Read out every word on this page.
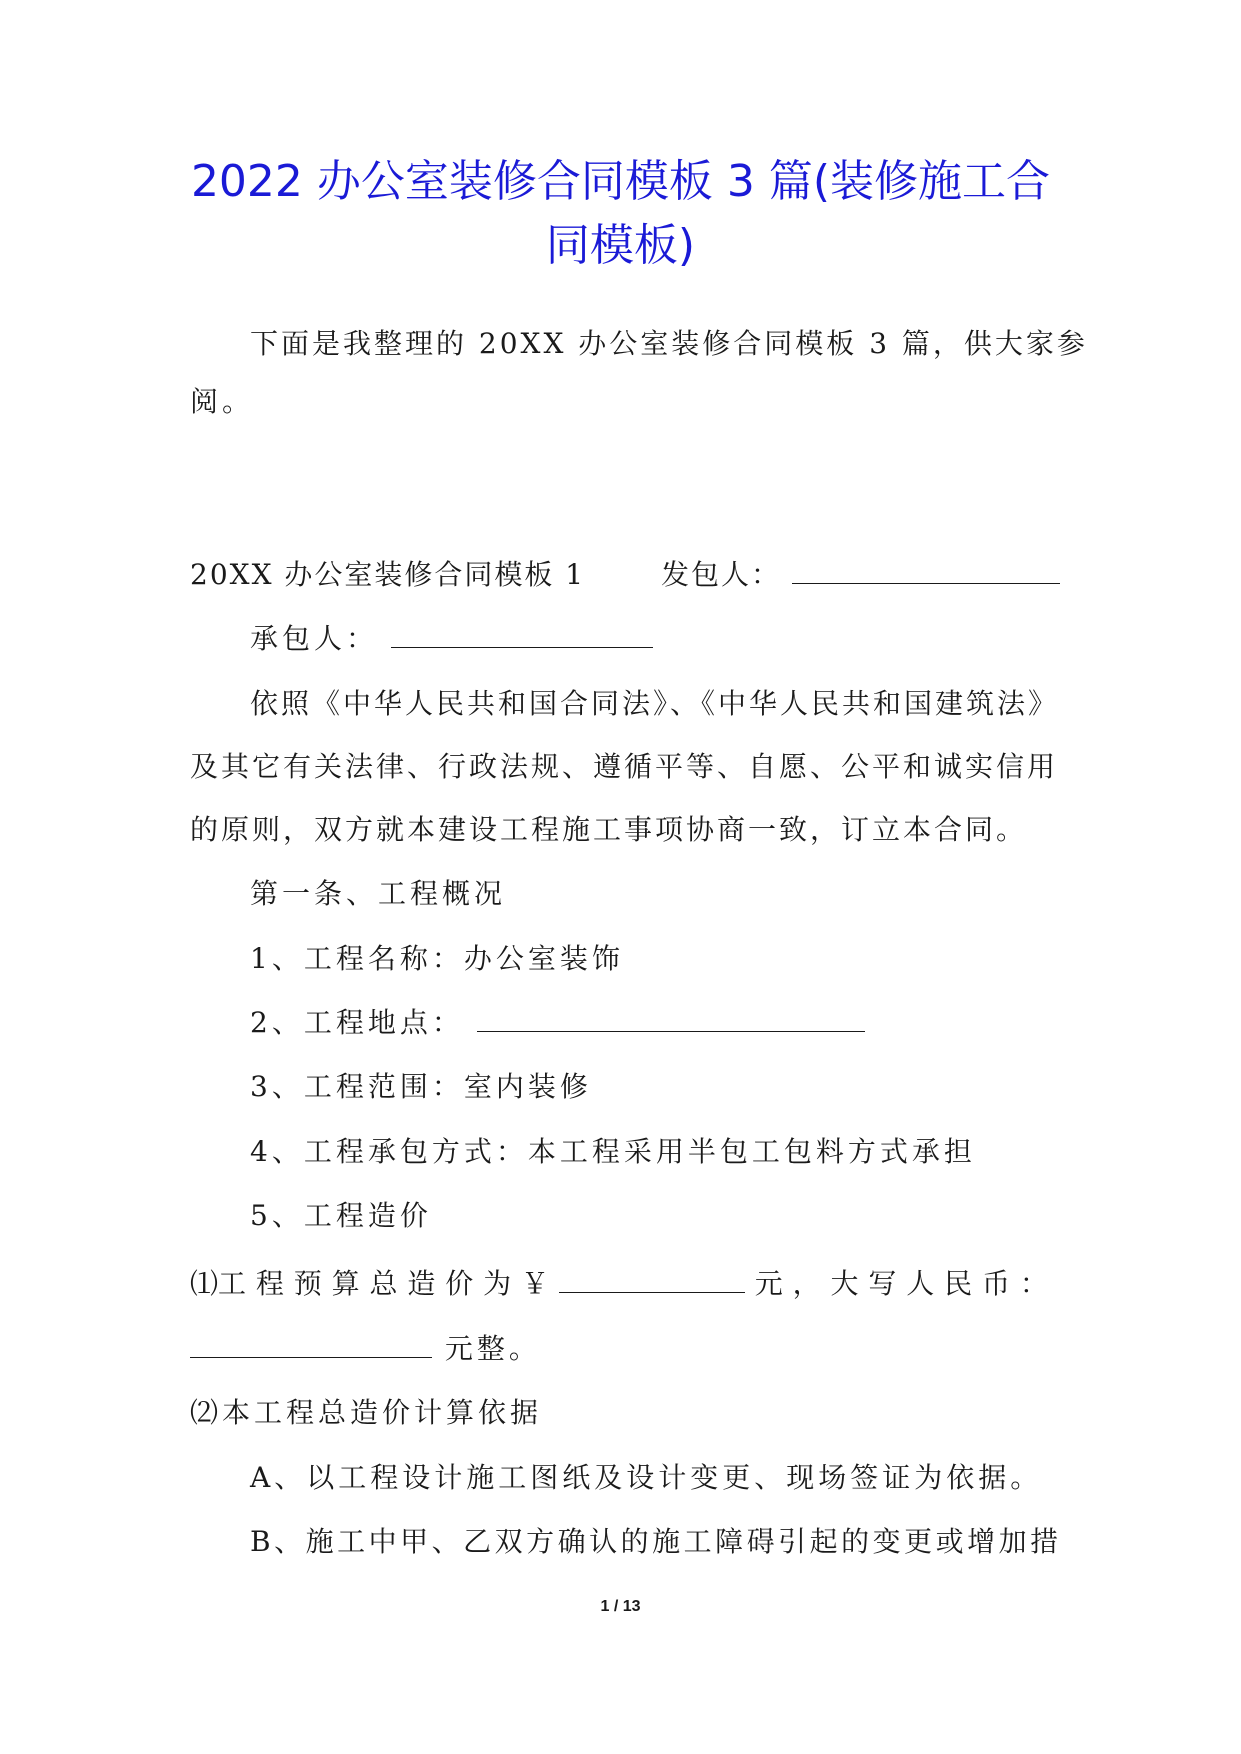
2022 办公室装修合同模板 3 篇(装修施工合
同模板)
下面是我整理的 20XX 办公室装修合同模板 3 篇，供大家参
阅。
20XX 办公室装修合同模板 1	发包人：
承包人：
依照《中华人民共和国合同法》、《中华人民共和国建筑法》
及其它有关法律、行政法规、遵循平等、自愿、公平和诚实信用
的原则，双方就本建设工程施工事项协商一致，订立本合同。
第一条、工程概况
1、工程名称：办公室装饰
2、工程地点：
3、工程范围：室内装修
4、工程承包方式：本工程采用半包工包料方式承担
5、工程造价
⑴工 程 预 算 总 造 价 为 ￥	元 ， 大 写 人 民 币 ：
元整。
⑵本工程总造价计算依据
A、以工程设计施工图纸及设计变更、现场签证为依据。
B、施工中甲、乙双方确认的施工障碍引起的变更或增加措
1 / 13
